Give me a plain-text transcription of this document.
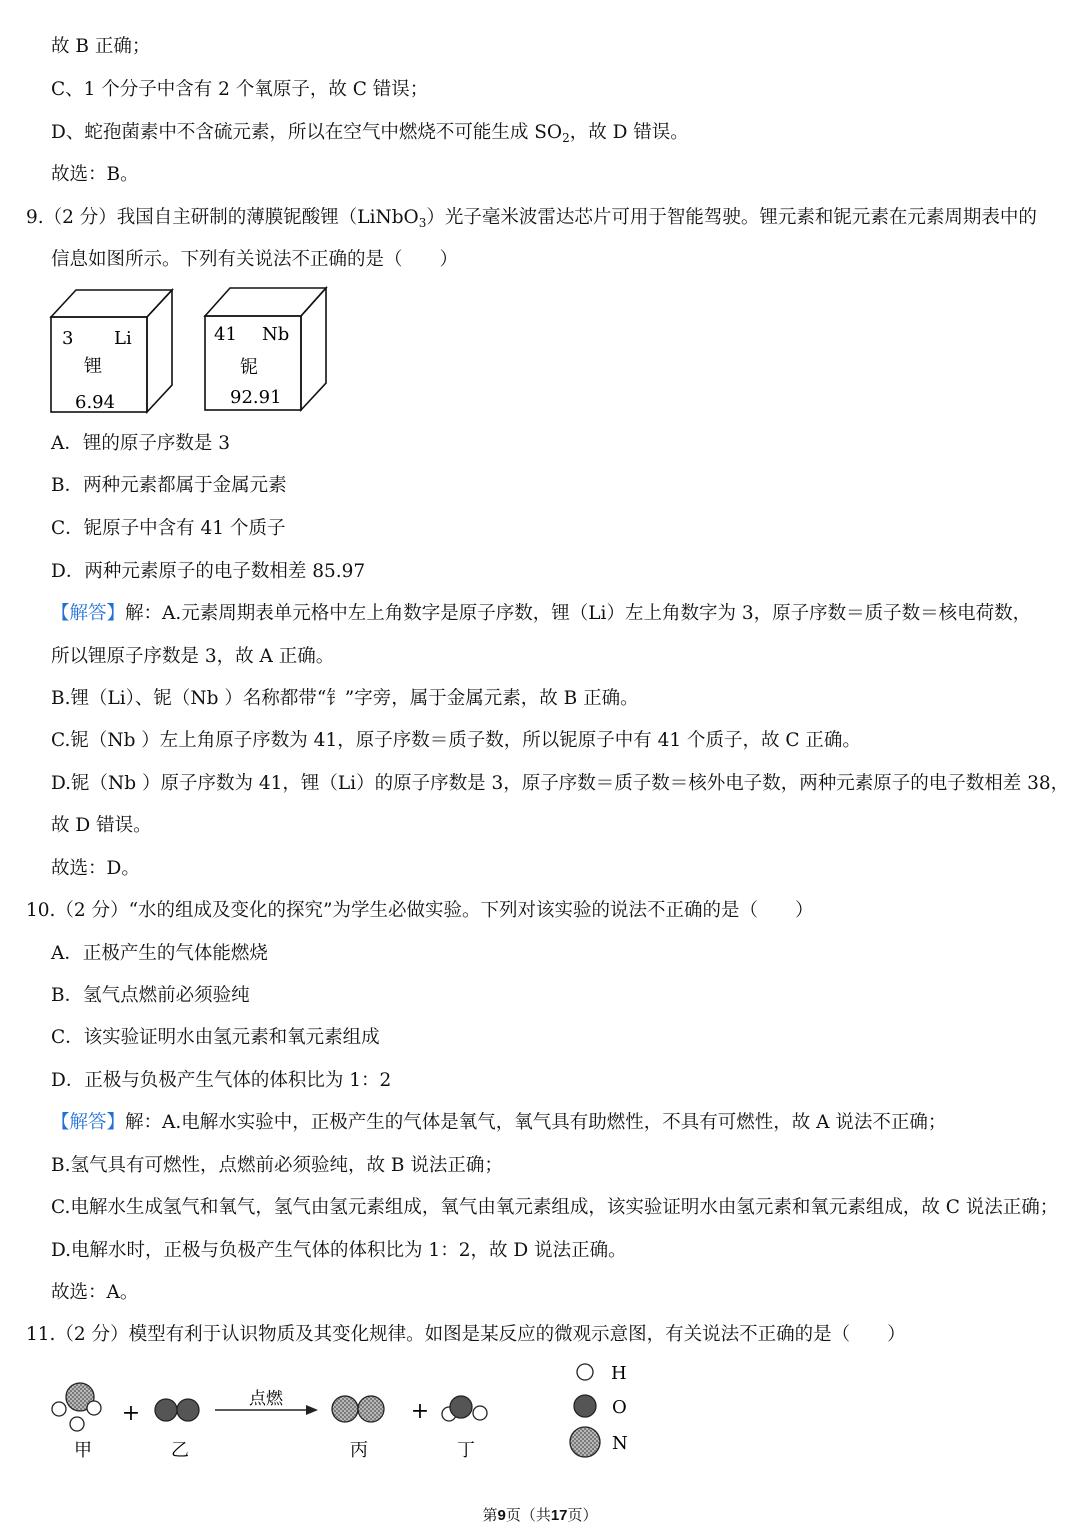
故 B 正确；
C、1 个分子中含有 2 个氧原子，故 C 错误；
D、蛇孢菌素中不含硫元素，所以在空气中燃烧不可能生成 $SO_2$，故 D 错误。
故选：B。
9.（2 分）我国自主研制的薄膜铌酸锂（LiNbO$_3$）光子毫米波雷达芯片可用于智能驾驶。锂元素和铌元素在元素周期表中的
信息如图所示。下列有关说法不正确的是（　　）
3 Li
锂
6.94
41 Nb
铌
92.91
A．锂的原子序数是 3
B．两种元素都属于金属元素
C．铌原子中含有 41 个质子
D．两种元素原子的电子数相差 85.97
【解答】解：A.元素周期表单元格中左上角数字是原子序数，锂（Li）左上角数字为 3，原子序数＝质子数＝核电荷数，
所以锂原子序数是 3，故 A 正确。
B.锂（Li）、铌（Nb ）名称都带“钅”字旁，属于金属元素，故 B 正确。
C.铌（Nb ）左上角原子序数为 41，原子序数＝质子数，所以铌原子中有 41 个质子，故 C 正确。
D.铌（Nb ）原子序数为 41，锂（Li）的原子序数是 3，原子序数＝质子数＝核外电子数，两种元素原子的电子数相差 38，
故 D 错误。
故选：D。
10.（2 分）“水的组成及变化的探究”为学生必做实验。下列对该实验的说法不正确的是（　　）
A．正极产生的气体能燃烧
B．氢气点燃前必须验纯
C．该实验证明水由氢元素和氧元素组成
D．正极与负极产生气体的体积比为 1：2
【解答】解：A.电解水实验中，正极产生的气体是氧气，氧气具有助燃性，不具有可燃性，故 A 说法不正确；
B.氢气具有可燃性，点燃前必须验纯，故 B 说法正确；
C.电解水生成氢气和氧气，氢气由氢元素组成，氧气由氧元素组成，该实验证明水由氢元素和氧元素组成，故 C 说法正确；
D.电解水时，正极与负极产生气体的体积比为 1：2，故 D 说法正确。
故选：A。
11.（2 分）模型有利于认识物质及其变化规律。如图是某反应的微观示意图，有关说法不正确的是（　　）
+
点燃	+
甲	乙	丙	丁
H
O
N
第9页（共17页）
